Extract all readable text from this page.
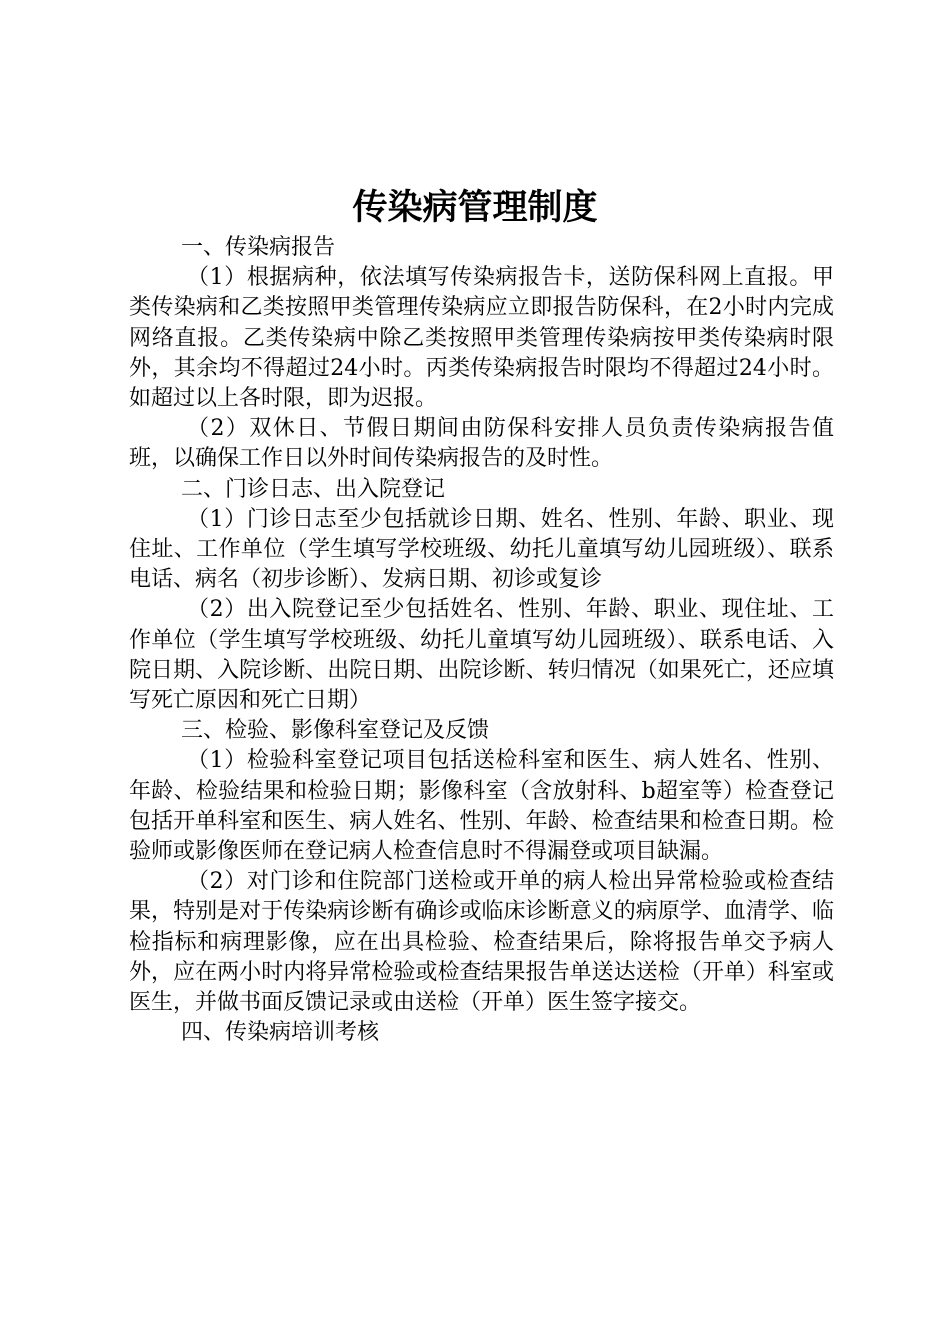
传染病管理制度

一、传染病报告

（1）根据病种，依法填写传染病报告卡，送防保科网上直报。甲类传染病和乙类按照甲类管理传染病应立即报告防保科，在2小时内完成网络直报。乙类传染病中除乙类按照甲类管理传染病按甲类传染病时限外，其余均不得超过24小时。丙类传染病报告时限均不得超过24小时。如超过以上各时限，即为迟报。

（2）双休日、节假日期间由防保科安排人员负责传染病报告值班，以确保工作日以外时间传染病报告的及时性。

二、门诊日志、出入院登记

（1）门诊日志至少包括就诊日期、姓名、性别、年龄、职业、现住址、工作单位（学生填写学校班级、幼托儿童填写幼儿园班级）、联系电话、病名（初步诊断）、发病日期、初诊或复诊

（2）出入院登记至少包括姓名、性别、年龄、职业、现住址、工作单位（学生填写学校班级、幼托儿童填写幼儿园班级）、联系电话、入院日期、入院诊断、出院日期、出院诊断、转归情况（如果死亡，还应填写死亡原因和死亡日期）

三、检验、影像科室登记及反馈

（1）检验科室登记项目包括送检科室和医生、病人姓名、性别、年龄、检验结果和检验日期；影像科室（含放射科、b超室等）检查登记包括开单科室和医生、病人姓名、性别、年龄、检查结果和检查日期。检验师或影像医师在登记病人检查信息时不得漏登或项目缺漏。

（2）对门诊和住院部门送检或开单的病人检出异常检验或检查结果，特别是对于传染病诊断有确诊或临床诊断意义的病原学、血清学、临检指标和病理影像，应在出具检验、检查结果后，除将报告单交予病人外，应在两小时内将异常检验或检查结果报告单送达送检（开单）科室或医生，并做书面反馈记录或由送检（开单）医生签字接交。

四、传染病培训考核
